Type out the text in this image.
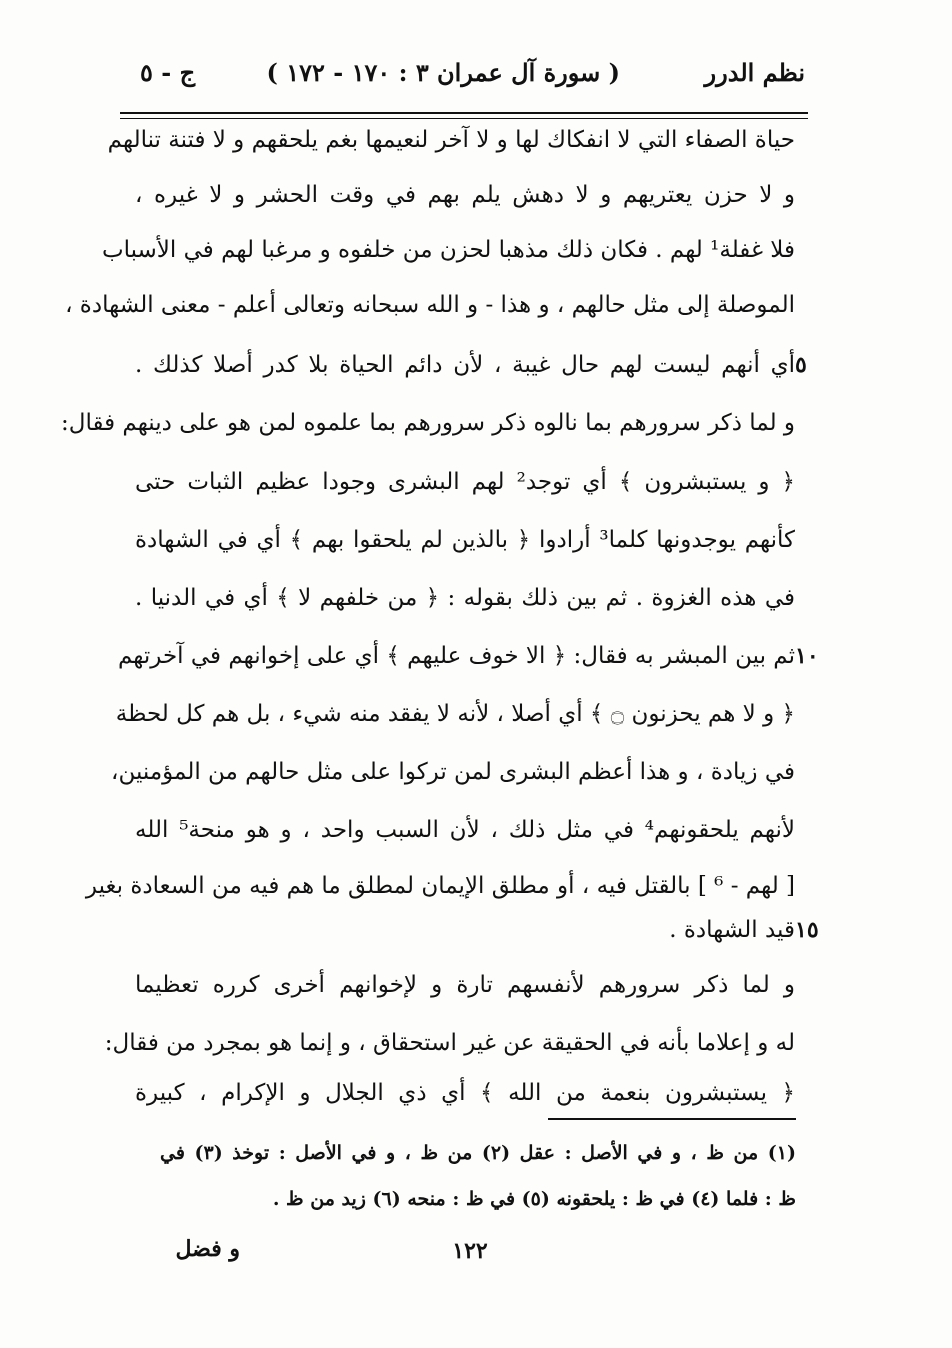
نظم الدرر
( سورة آل عمران ٣ : ١٧٠ - ١٧٢ )
ج - ٥
حياة الصفاء التي لا انفكاك لها و لا آخر لنعيمها بغم يلحقهم و لا فتنة تنالهم
و لا حزن يعتريهم و لا دهش يلم بهم في وقت الحشر و لا غيره ،
فلا غفلة¹ لهم . فكان ذلك مذهبا لحزن من خلفوه و مرغبا لهم في الأسباب
الموصلة إلى مثل حالهم ، و هذا - و الله سبحانه وتعالى أعلم - معنى الشهادة ،
أي أنهم ليست لهم حال غيبة ، لأن دائم الحياة بلا كدر أصلا كذلك . ٥
و لما ذكر سرورهم بما نالوه ذكر سرورهم بما علموه لمن هو على دينهم فقال:
﴿ و يستبشرون ﴾ أي توجد² لهم البشرى وجودا عظيم الثبات حتى
كأنهم يوجدونها كلما³ أرادوا ﴿ بالذين لم يلحقوا بهم ﴾ أي في الشهادة
في هذه الغزوة . ثم بين ذلك بقوله : ﴿ من خلفهم لا ﴾ أي في الدنيا .
ثم بين المبشر به فقال: ﴿ الا خوف عليهم ﴾ أي على إخوانهم في آخرتهم ١٠
﴿ و لا هم يحزنون ۝ ﴾ أي أصلا ، لأنه لا يفقد منه شيء ، بل هم كل لحظة
في زيادة ، و هذا أعظم البشرى لمن تركوا على مثل حالهم من المؤمنين،
لأنهم يلحقونهم⁴ في مثل ذلك ، لأن السبب واحد ، و هو منحة⁵ الله
[ لهم - ⁶ ] بالقتل فيه ، أو مطلق الإيمان لمطلق ما هم فيه من السعادة بغير
قيد الشهادة . ١٥
و لما ذكر سرورهم لأنفسهم تارة و لإخوانهم أخرى كرره تعظيما
له و إعلاما بأنه في الحقيقة عن غير استحقاق ، و إنما هو بمجرد من فقال:
﴿ يستبشرون بنعمة من الله ﴾ أي ذي الجلال و الإكرام ، كبيرة
(١) من ظ ، و في الأصل : عقل (٢) من ظ ، و في الأصل : توخذ (٣) في
ظ : فلما (٤) في ظ : يلحقونه (٥) في ظ : منحه (٦) زيد من ظ .
١٢٢
و فضل
